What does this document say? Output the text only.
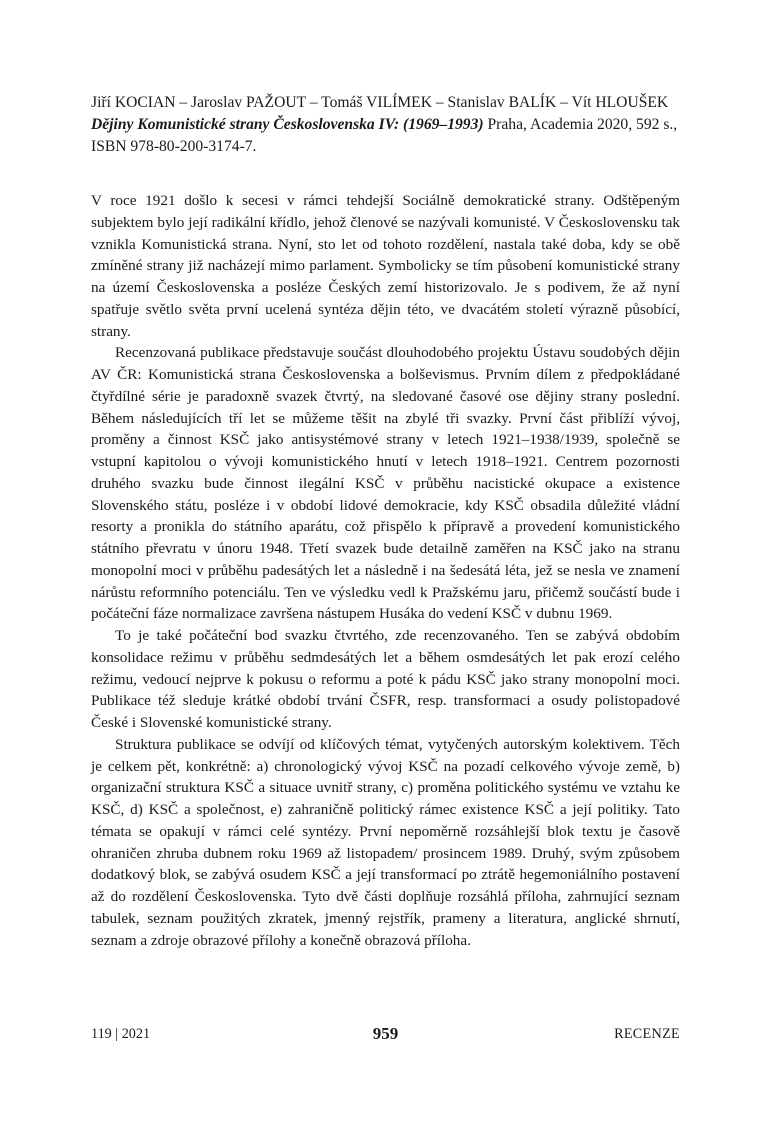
Jiří KOCIAN – Jaroslav PAŽOUT – Tomáš VILÍMEK – Stanislav BALÍK – Vít HLOUŠEK
Dějiny Komunistické strany Československa IV: (1969–1993) Praha, Academia 2020, 592 s., ISBN 978-80-200-3174-7.

V roce 1921 došlo k secesi v rámci tehdejší Sociálně demokratické strany. Odštěpeným subjektem bylo její radikální křídlo, jehož členové se nazývali komunisté. V Československu tak vznikla Komunistická strana. Nyní, sto let od tohoto rozdělení, nastala také doba, kdy se obě zmíněné strany již nacházejí mimo parlament. Symbolicky se tím působení komunistické strany na území Československa a posléze Českých zemí historizovalo. Je s podivem, že až nyní spatřuje světlo světa první ucelená syntéza dějin této, ve dvacátém století výrazně působící, strany.

Recenzovaná publikace představuje součást dlouhodobého projektu Ústavu soudobých dějin AV ČR: Komunistická strana Československa a bolševismus. Prvním dílem z předpokládané čtyřdílné série je paradoxně svazek čtvrtý, na sledované časové ose dějiny strany poslední. Během následujících tří let se můžeme těšit na zbylé tři svazky. První část přiblíží vývoj, proměny a činnost KSČ jako antisystémové strany v letech 1921–1938/1939, společně se vstupní kapitolou o vývoji komunistického hnutí v letech 1918–1921. Centrem pozornosti druhého svazku bude činnost ilegální KSČ v průběhu nacistické okupace a existence Slovenského státu, posléze i v období lidové demokracie, kdy KSČ obsadila důležité vládní resorty a pronikla do státního aparátu, což přispělo k přípravě a provedení komunistického státního převratu v únoru 1948. Třetí svazek bude detailně zaměřen na KSČ jako na stranu monopolní moci v průběhu padesátých let a následně i na šedesátá léta, jež se nesla ve znamení nárůstu reformního potenciálu. Ten ve výsledku vedl k Pražskému jaru, přičemž součástí bude i počáteční fáze normalizace završena nástupem Husáka do vedení KSČ v dubnu 1969.

To je také počáteční bod svazku čtvrtého, zde recenzovaného. Ten se zabývá obdobím konsolidace režimu v průběhu sedmdesátých let a během osmdesátých let pak erozí celého režimu, vedoucí nejprve k pokusu o reformu a poté k pádu KSČ jako strany monopolní moci. Publikace též sleduje krátké období trvání ČSFR, resp. transformaci a osudy polistopadové České i Slovenské komunistické strany.

Struktura publikace se odvíjí od klíčových témat, vytyčených autorským kolektivem. Těch je celkem pět, konkrétně: a) chronologický vývoj KSČ na pozadí celkového vývoje země, b) organizační struktura KSČ a situace uvnitř strany, c) proměna politického systému ve vztahu ke KSČ, d) KSČ a společnost, e) zahraničně politický rámec existence KSČ a její politiky. Tato témata se opakují v rámci celé syntézy. První nepoměrně rozsáhlejší blok textu je časově ohraničen zhruba dubnem roku 1969 až listopadem/ prosincem 1989. Druhý, svým způsobem dodatkový blok, se zabývá osudem KSČ a její transformací po ztrátě hegemoniálního postavení až do rozdělení Československa. Tyto dvě části doplňuje rozsáhlá příloha, zahrnující seznam tabulek, seznam použitých zkratek, jmenný rejstřík, prameny a literatura, anglické shrnutí, seznam a zdroje obrazové přílohy a konečně obrazová příloha.

119 | 2021	959	RECENZE
